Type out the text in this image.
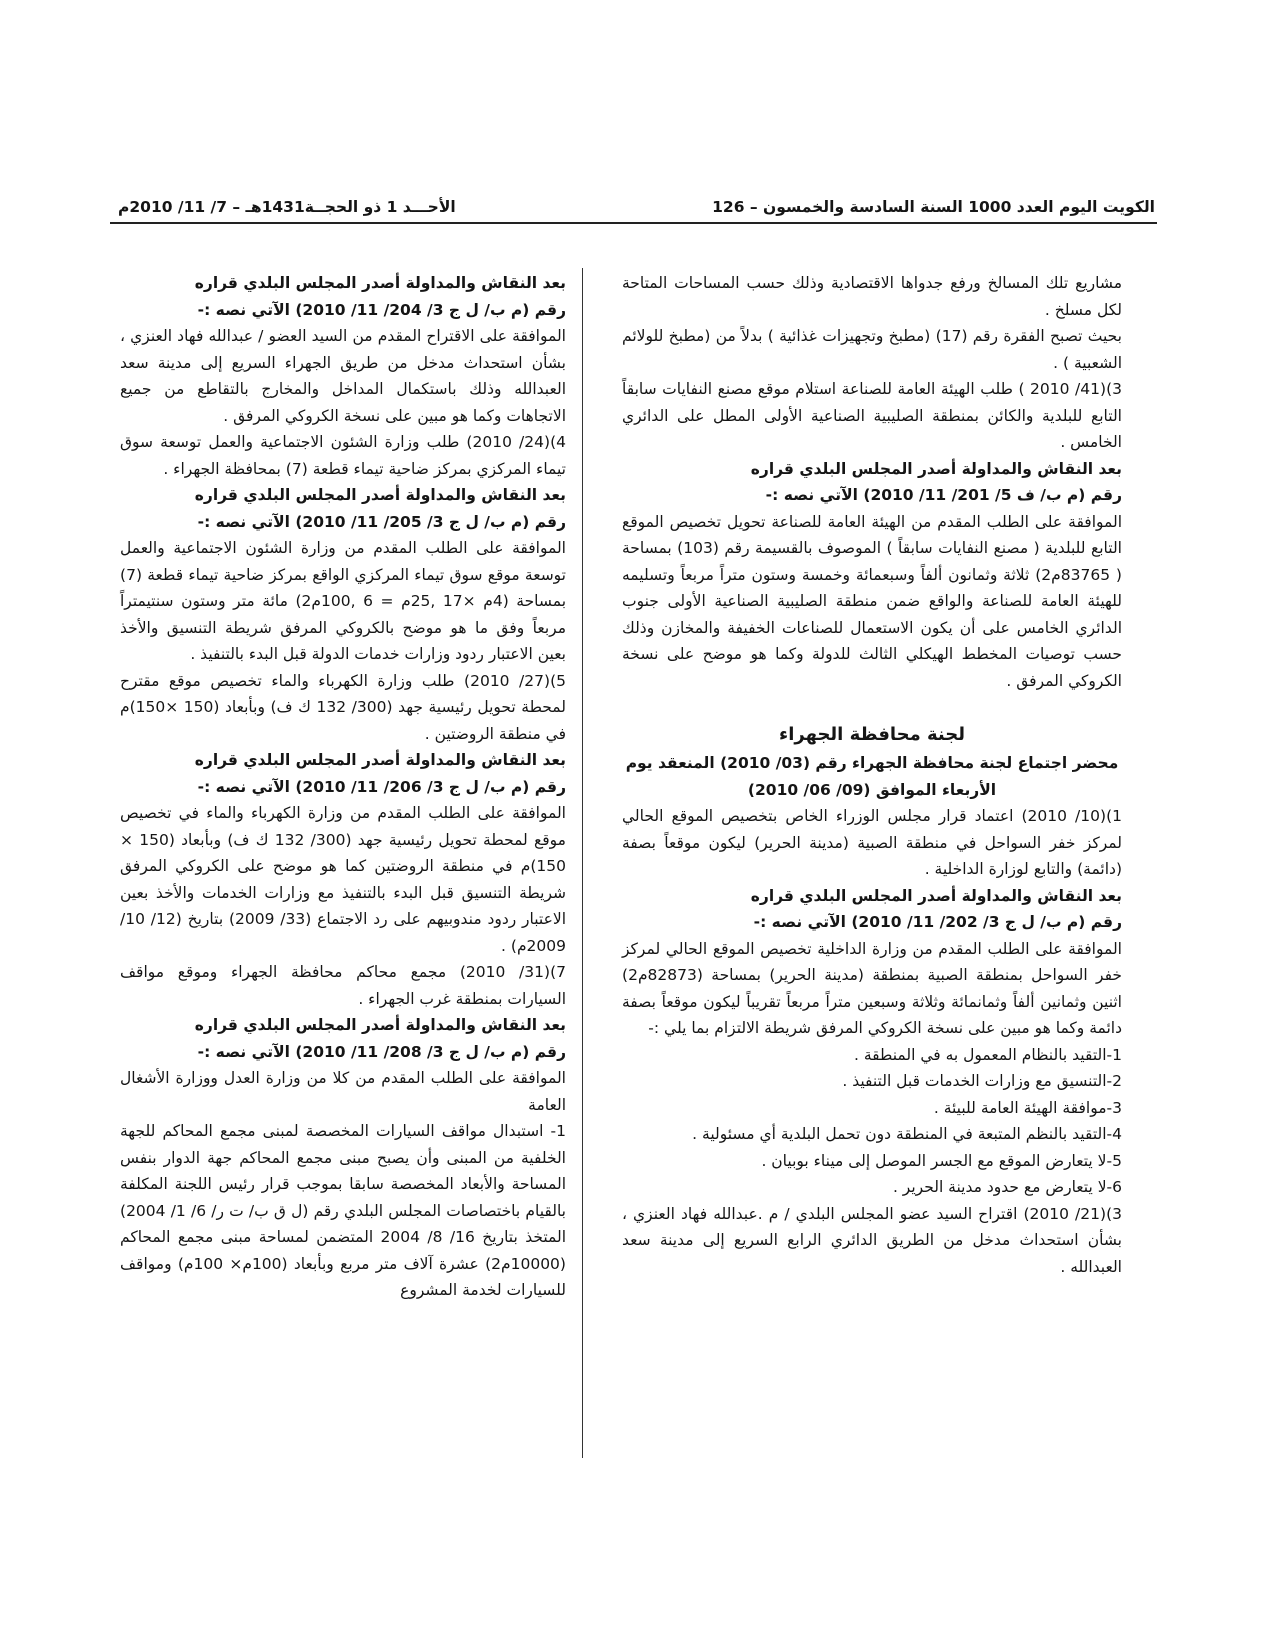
الكويت اليوم العدد 1000 السنة السادسة والخمسون – 126
الأحـــد 1 ذو الحجــة1431هـ – 7/ 11/ 2010م

مشاريع تلك المسالخ ورفع جدواها الاقتصادية وذلك حسب المساحات المتاحة لكل مسلخ .

بحيث تصبح الفقرة رقم (17) (مطبخ وتجهيزات غذائية ) بدلاً من (مطبخ للولائم الشعبية ) .

3)(41/ 2010 ) طلب الهيئة العامة للصناعة استلام موقع مصنع النفايات سابقاً التابع للبلدية والكائن بمنطقة الصليبية الصناعية الأولى المطل على الدائري الخامس .

بعد النقاش والمداولة أصدر المجلس البلدي قراره

رقم (م ب/ ف 5/ 201/ 11/ 2010) الآتي نصه :-

الموافقة على الطلب المقدم من الهيئة العامة للصناعة تحويل تخصيص الموقع التابع للبلدية ( مصنع النفايات سابقاً ) الموصوف بالقسيمة رقم (103) بمساحة ( 83765م2) ثلاثة وثمانون ألفاً وسبعمائة وخمسة وستون متراً مربعاً وتسليمه للهيئة العامة للصناعة والواقع ضمن منطقة الصليبية الصناعية الأولى جنوب الدائري الخامس على أن يكون الاستعمال للصناعات الخفيفة والمخازن وذلك حسب توصيات المخطط الهيكلي الثالث للدولة وكما هو موضح على نسخة الكروكي المرفق .

لجنة محافظة الجهراء

محضر اجتماع لجنة محافظة الجهراء رقم (03/ 2010) المنعقد يوم الأربعاء الموافق (09/ 06/ 2010)

1)(10/ 2010) اعتماد قرار مجلس الوزراء الخاص بتخصيص الموقع الحالي لمركز خفر السواحل في منطقة الصبية (مدينة الحرير) ليكون موقعاً بصفة (دائمة) والتابع لوزارة الداخلية .

بعد النقاش والمداولة أصدر المجلس البلدي قراره

رقم (م ب/ ل ج 3/ 202/ 11/ 2010) الآتي نصه :-

الموافقة على الطلب المقدم من وزارة الداخلية تخصيص الموقع الحالي لمركز خفر السواحل بمنطقة الصبية بمنطقة (مدينة الحرير) بمساحة (82873م2) اثنين وثمانين ألفاً وثمانمائة وثلاثة وسبعين متراً مربعاً تقريباً ليكون موقعاً بصفة دائمة وكما هو مبين على نسخة الكروكي المرفق شريطة الالتزام بما يلي :-

1-التقيد بالنظام المعمول به في المنطقة .

2-التنسيق مع وزارات الخدمات قبل التنفيذ .

3-موافقة الهيئة العامة للبيئة .

4-التقيد بالنظم المتبعة في المنطقة دون تحمل البلدية أي مسئولية .

5-لا يتعارض الموقع مع الجسر الموصل إلى ميناء بوبيان .

6-لا يتعارض مع حدود مدينة الحرير .

3)(21/ 2010) اقتراح السيد عضو المجلس البلدي / م .عبدالله فهاد العنزي ، بشأن استحداث مدخل من الطريق الدائري الرابع السريع إلى مدينة سعد العبدالله .

بعد النقاش والمداولة أصدر المجلس البلدي قراره

رقم (م ب/ ل ج 3/ 204/ 11/ 2010) الآتي نصه :-

الموافقة على الاقتراح المقدم من السيد العضو / عبدالله فهاد العنزي ، بشأن استحداث مدخل من طريق الجهراء السريع إلى مدينة سعد العبدالله وذلك باستكمال المداخل والمخارج بالتقاطع من جميع الاتجاهات وكما هو مبين على نسخة الكروكي المرفق .

4)(24/ 2010) طلب وزارة الشئون الاجتماعية والعمل توسعة سوق تيماء المركزي بمركز ضاحية تيماء قطعة (7) بمحافظة الجهراء .

بعد النقاش والمداولة أصدر المجلس البلدي قراره

رقم (م ب/ ل ج 3/ 205/ 11/ 2010) الآتي نصه :-

الموافقة على الطلب المقدم من وزارة الشئون الاجتماعية والعمل توسعة موقع سوق تيماء المركزي الواقع بمركز ضاحية تيماء قطعة (7) بمساحة (4م ×17 ,25م = 6 ,100م2) مائة متر وستون سنتيمتراً مربعاً وفق ما هو موضح بالكروكي المرفق شريطة التنسيق والأخذ بعين الاعتبار ردود وزارات خدمات الدولة قبل البدء بالتنفيذ .

5)(27/ 2010) طلب وزارة الكهرباء والماء تخصيص موقع مقترح لمحطة تحويل رئيسية جهد (300/ 132 ك ف) وبأبعاد (150 ×150)م في منطقة الروضتين .

بعد النقاش والمداولة أصدر المجلس البلدي قراره

رقم (م ب/ ل ج 3/ 206/ 11/ 2010) الآتي نصه :-

الموافقة على الطلب المقدم من وزارة الكهرباء والماء في تخصيص موقع لمحطة تحويل رئيسية جهد (300/ 132 ك ف) وبأبعاد (150 × 150)م في منطقة الروضتين كما هو موضح على الكروكي المرفق شريطة التنسيق قبل البدء بالتنفيذ مع وزارات الخدمات والأخذ بعين الاعتبار ردود مندوبيهم على رد الاجتماع (33/ 2009) بتاريخ (12/ 10/ 2009م) .

7)(31/ 2010) مجمع محاكم محافظة الجهراء وموقع مواقف السيارات بمنطقة غرب الجهراء .

بعد النقاش والمداولة أصدر المجلس البلدي قراره

رقم (م ب/ ل ج 3/ 208/ 11/ 2010) الآتي نصه :-

الموافقة على الطلب المقدم من كلا من وزارة العدل ووزارة الأشغال العامة

1- استبدال مواقف السيارات المخصصة لمبنى مجمع المحاكم للجهة الخلفية من المبنى وأن يصبح مبنى مجمع المحاكم جهة الدوار بنفس المساحة والأبعاد المخصصة سابقا بموجب قرار رئيس اللجنة المكلفة بالقيام باختصاصات المجلس البلدي رقم (ل ق ب/ ت ر/ 6/ 1/ 2004) المتخذ بتاريخ 16/ 8/ 2004 المتضمن لمساحة مبنى مجمع المحاكم (10000م2) عشرة آلاف متر مربع وبأبعاد (100م× 100م) ومواقف للسيارات لخدمة المشروع
